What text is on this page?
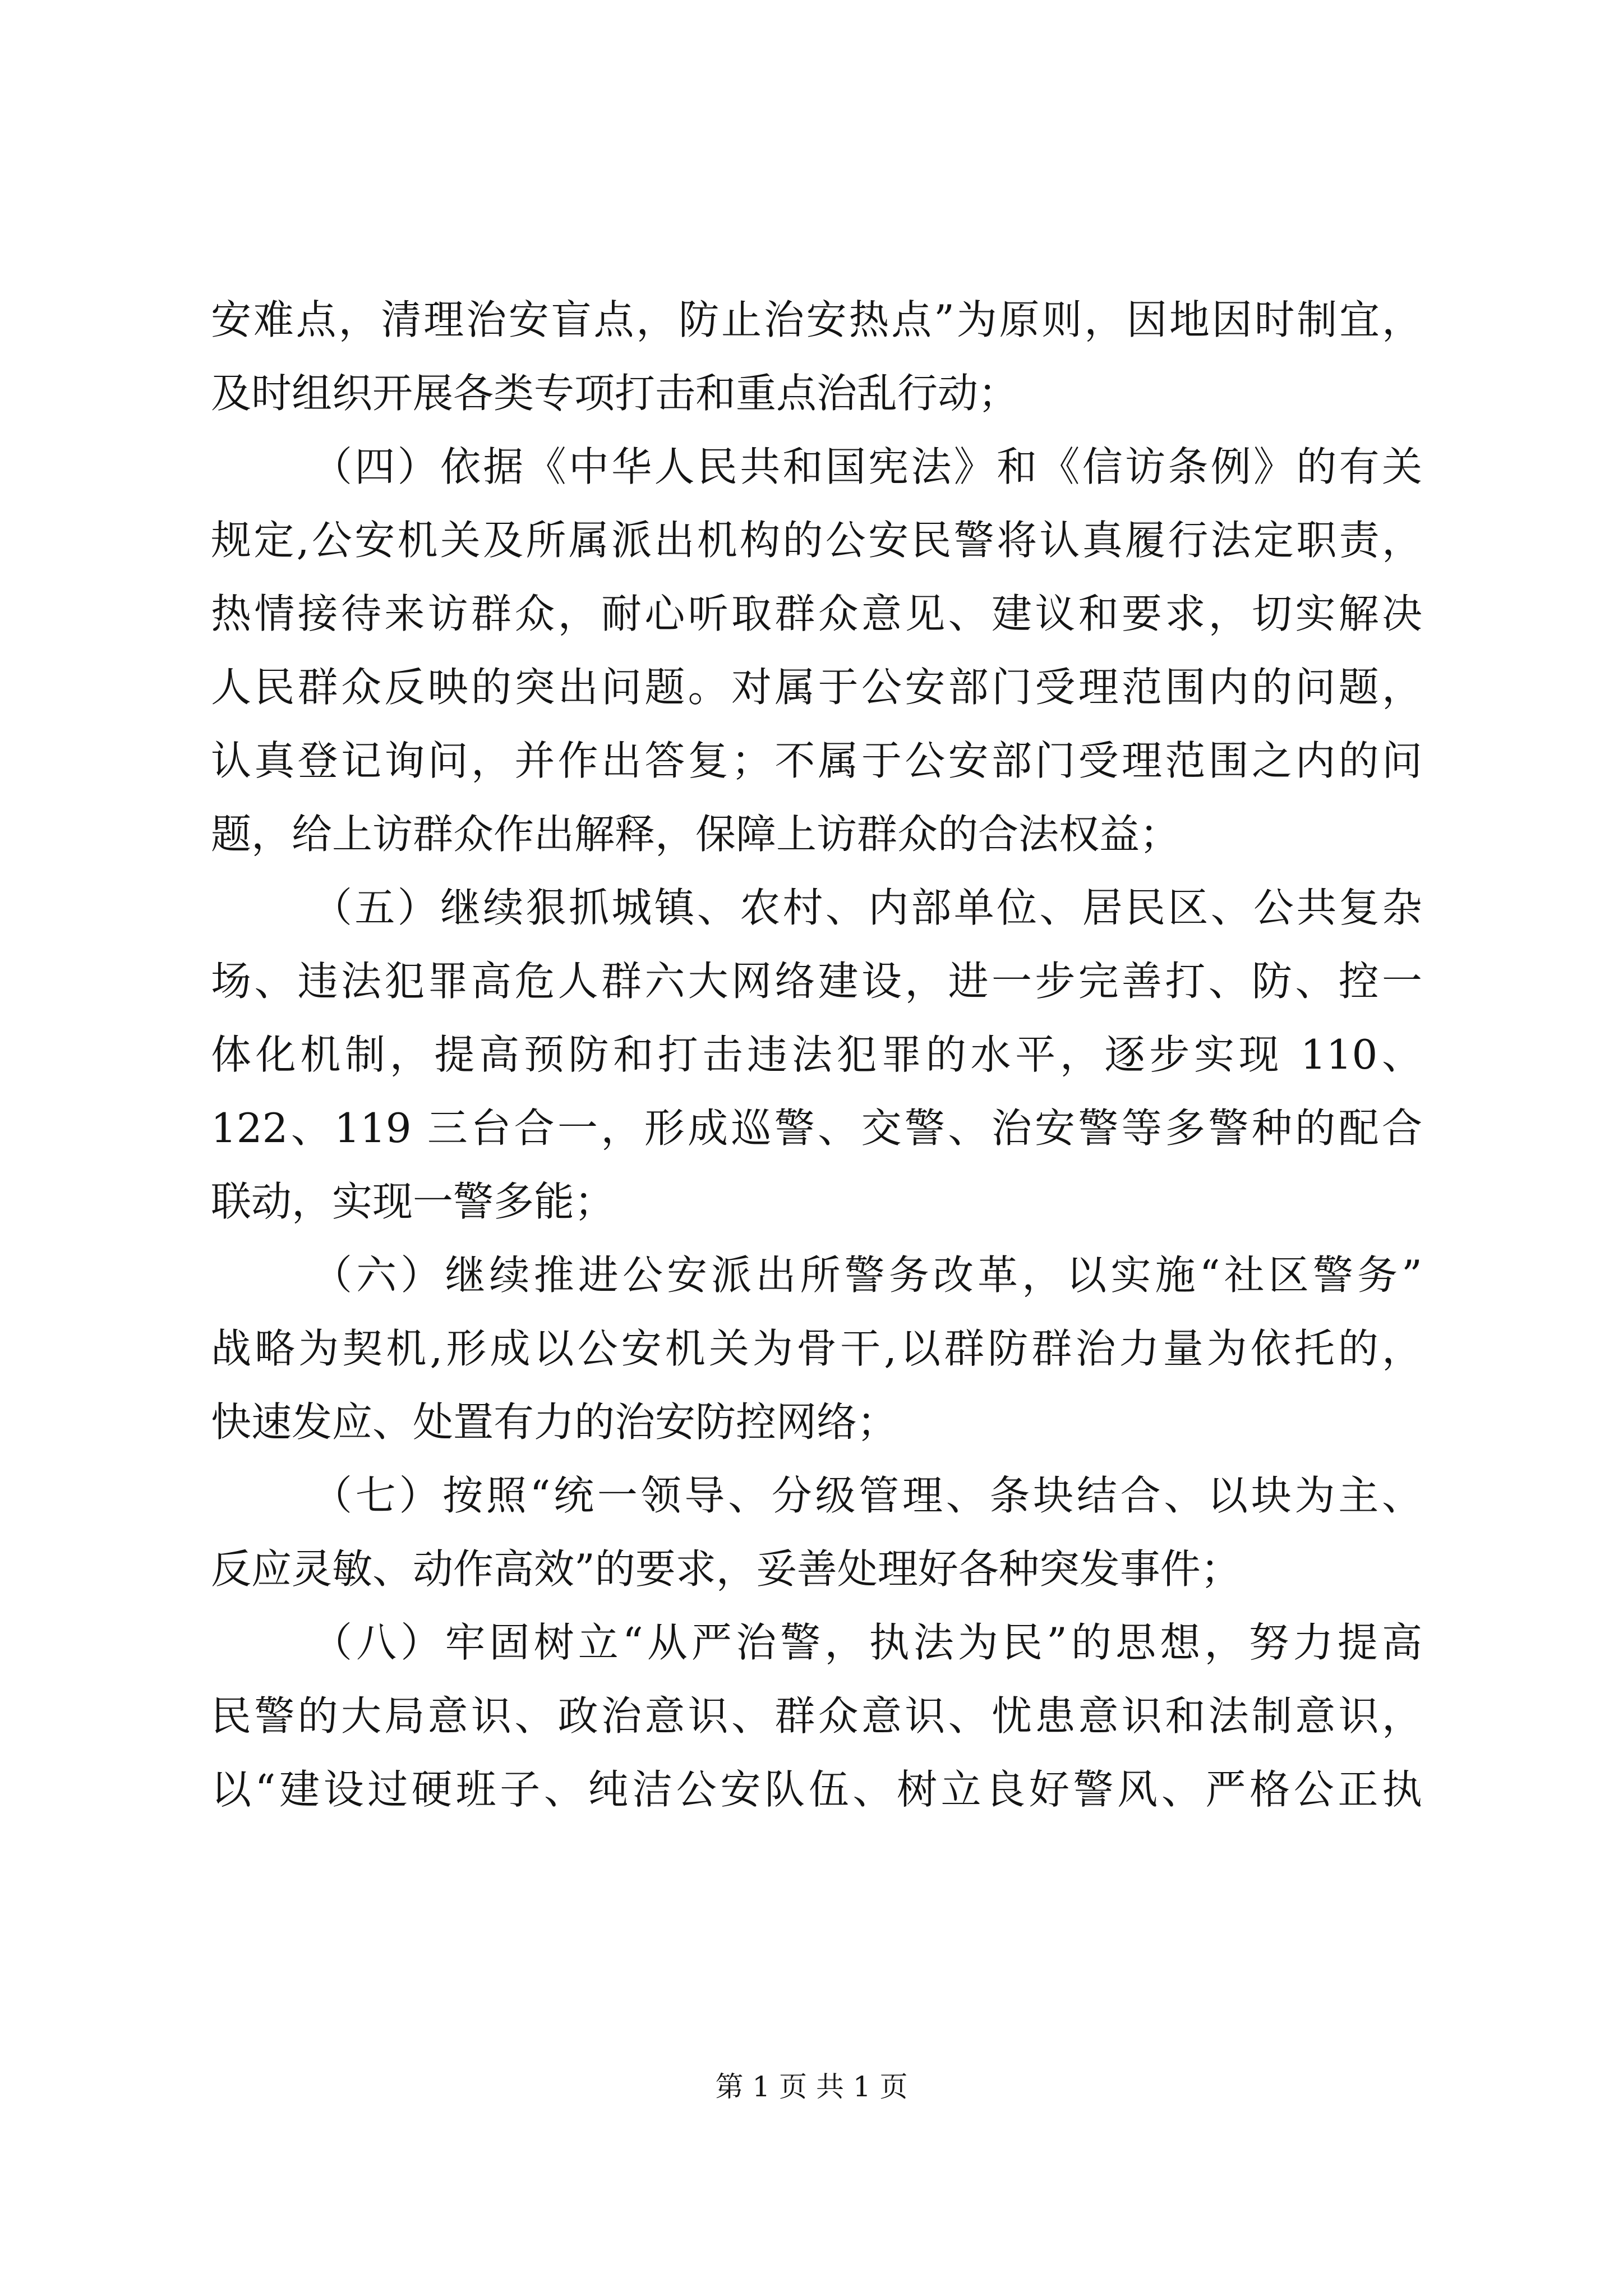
安难点，清理治安盲点，防止治安热点”为原则，因地因时制宜，
及时组织开展各类专项打击和重点治乱行动；
（四）依据《中华人民共和国宪法》和《信访条例》的有关
规定,公安机关及所属派出机构的公安民警将认真履行法定职责，
热情接待来访群众，耐心听取群众意见、建议和要求，切实解决
人民群众反映的突出问题。对属于公安部门受理范围内的问题，
认真登记询问，并作出答复；不属于公安部门受理范围之内的问
题，给上访群众作出解释，保障上访群众的合法权益；
（五）继续狠抓城镇、农村、内部单位、居民区、公共复杂
场、违法犯罪高危人群六大网络建设，进一步完善打、防、控一
体化机制，提高预防和打击违法犯罪的水平，逐步实现 110、
122、119 三台合一，形成巡警、交警、治安警等多警种的配合
联动，实现一警多能；
（六）继续推进公安派出所警务改革，以实施“社区警务”
战略为契机,形成以公安机关为骨干,以群防群治力量为依托的，
快速发应、处置有力的治安防控网络；
（七）按照“统一领导、分级管理、条块结合、以块为主、
反应灵敏、动作高效”的要求，妥善处理好各种突发事件；
（八）牢固树立“从严治警，执法为民”的思想，努力提高
民警的大局意识、政治意识、群众意识、忧患意识和法制意识，
以“建设过硬班子、纯洁公安队伍、树立良好警风、严格公正执
第 1 页 共 1 页
